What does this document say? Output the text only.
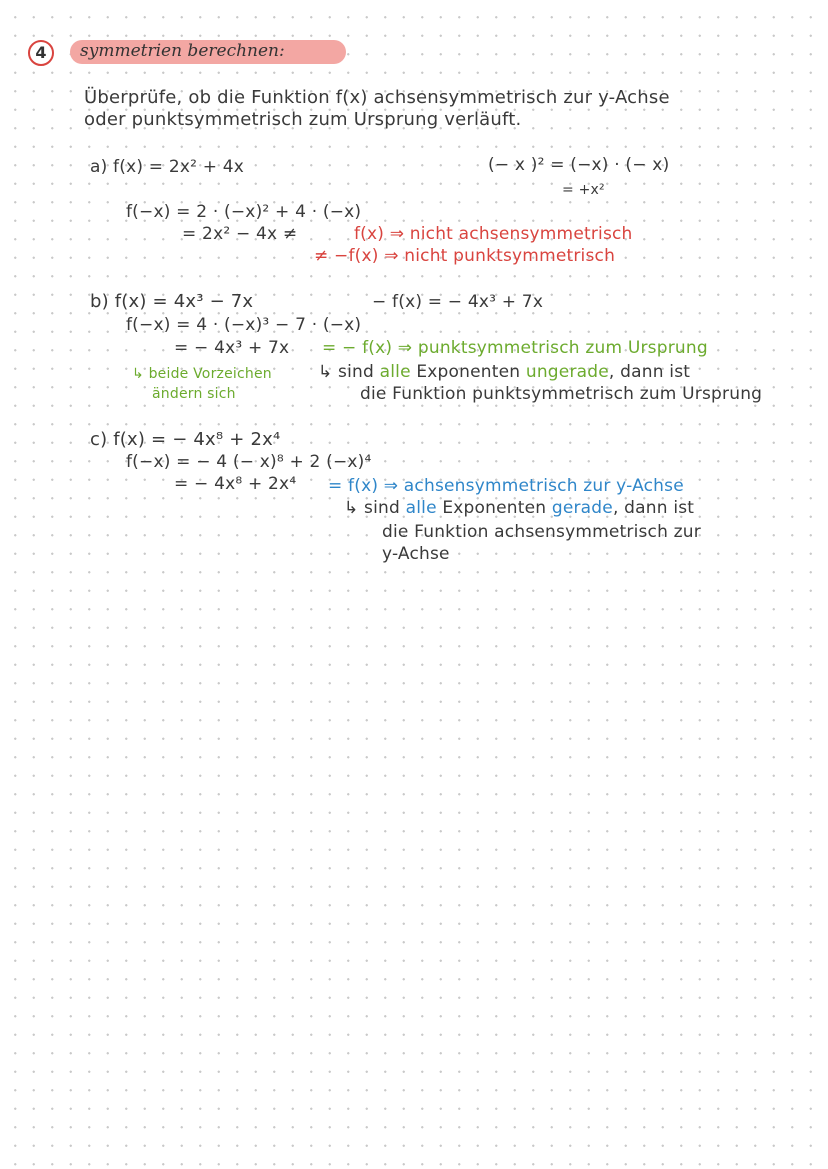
4	symmetrien berechnen:
Überprüfe, ob die Funktion f(x) achsensymmetrisch zur y-Achse
oder punktsymmetrisch zum Ursprung verläuft.
a) f(x) = 2x² + 4x	(− x )² = (−x) · (− x)
= +x²
f(−x) = 2 · (−x)² + 4 · (−x)
= 2x² − 4x ≠	f(x) ⇒ nicht achsensymmetrisch
≠ −f(x) ⇒ nicht punktsymmetrisch
b) f(x) = 4x³ − 7x	− f(x) = − 4x³ + 7x
f(−x) = 4 · (−x)³ − 7 · (−x)
= − 4x³ + 7x = − f(x) ⇒ punktsymmetrisch zum Ursprung
↳ beide Vorzeichen
ändern sich
↳ sind alle Exponenten ungerade, dann ist
die Funktion punktsymmetrisch zum Ursprung
c) f(x) = − 4x⁸ + 2x⁴
f(−x) = − 4 (− x)⁸ + 2 (−x)⁴
= − 4x⁸ + 2x⁴ = f(x) ⇒ achsensymmetrisch zur y-Achse
↳ sind alle Exponenten gerade, dann ist
die Funktion achsensymmetrisch zur
y-Achse
